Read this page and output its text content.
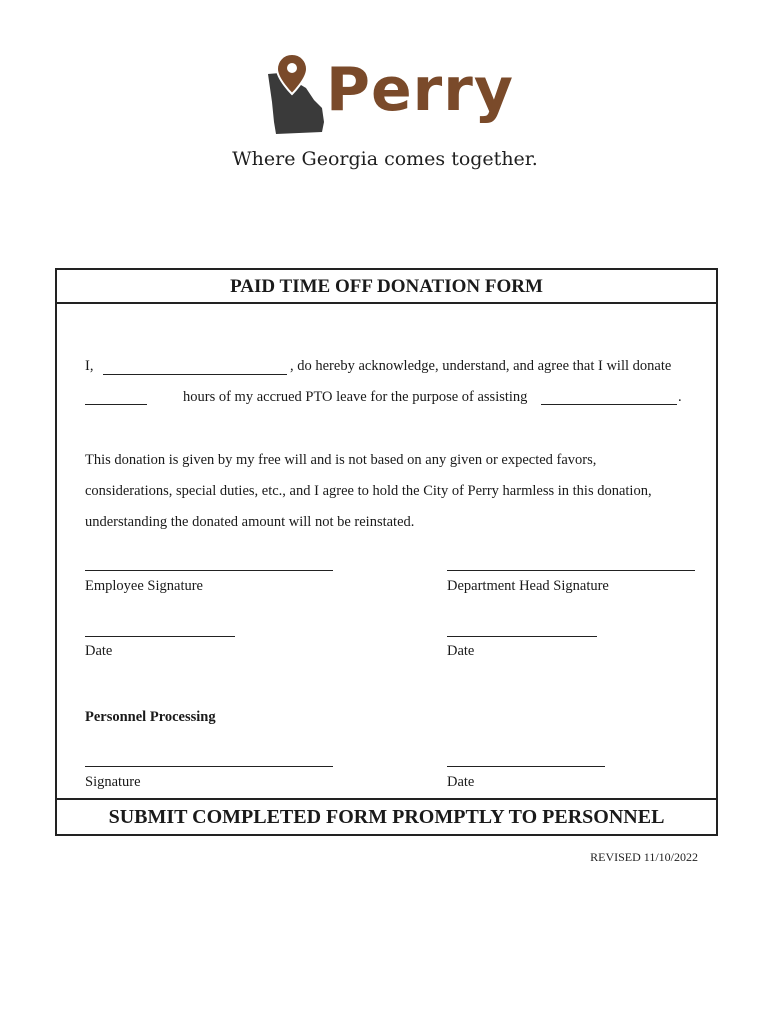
Perry
Where Georgia comes together.
PAID TIME OFF DONATION FORM
I,	, do hereby acknowledge, understand, and agree that I will donate
hours of my accrued PTO leave for the purpose of assisting	.
This donation is given by my free will and is not based on any given or expected favors,
considerations, special duties, etc., and I agree to hold the City of Perry harmless in this donation,
understanding the donated amount will not be reinstated.
Employee Signature	Department Head Signature
Date	Date
Personnel Processing
Signature	Date
SUBMIT COMPLETED FORM PROMPTLY TO PERSONNEL
REVISED 11/10/2022
